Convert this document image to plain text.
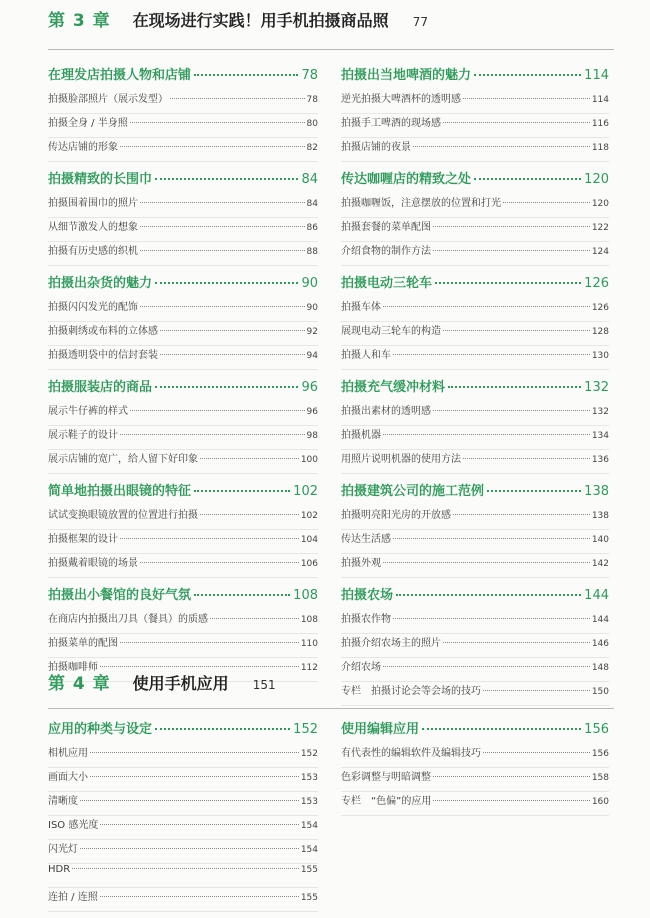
第 3 章 在现场进行实践！用手机拍摄商品照 77
在理发店拍摄人物和店铺	78
拍摄脸部照片（展示发型）	78
拍摄全身 / 半身照	80
传达店铺的形象	82
拍摄精致的长围巾	84
拍摄围着围巾的照片	84
从细节激发人的想象	86
拍摄有历史感的织机	88
拍摄出杂货的魅力	90
拍摄闪闪发光的配饰	90
拍摄刺绣或布料的立体感	92
拍摄透明袋中的信封套装	94
拍摄服装店的商品	96
展示牛仔裤的样式	96
展示鞋子的设计	98
展示店铺的宽广，给人留下好印象	100
简单地拍摄出眼镜的特征	102
试试变换眼镜放置的位置进行拍摄	102
拍摄框架的设计	104
拍摄戴着眼镜的场景	106
拍摄出小餐馆的良好气氛	108
在商店内拍摄出刀具（餐具）的质感	108
拍摄菜单的配图	110
拍摄咖啡师	112
拍摄出当地啤酒的魅力	114
逆光拍摄大啤酒杯的透明感	114
拍摄手工啤酒的现场感	116
拍摄店铺的夜景	118
传达咖喱店的精致之处	120
拍摄咖喱饭，注意摆放的位置和打光	120
拍摄套餐的菜单配图	122
介绍食物的制作方法	124
拍摄电动三轮车	126
拍摄车体	126
展现电动三轮车的构造	128
拍摄人和车	130
拍摄充气缓冲材料	132
拍摄出素材的透明感	132
拍摄机器	134
用照片说明机器的使用方法	136
拍摄建筑公司的施工范例	138
拍摄明亮阳光房的开放感	138
传达生活感	140
拍摄外观	142
拍摄农场	144
拍摄农作物	144
拍摄介绍农场主的照片	146
介绍农场	148
专栏　拍摄讨论会等会场的技巧	150
第 4 章 使用手机应用 151
应用的种类与设定	152
相机应用	152
画面大小	153
清晰度	153
ISO 感光度	154
闪光灯	154
HDR	155
连拍 / 连照	155
使用编辑应用	156
有代表性的编辑软件及编辑技巧	156
色彩调整与明暗调整	158
专栏　“色偏”的应用	160
